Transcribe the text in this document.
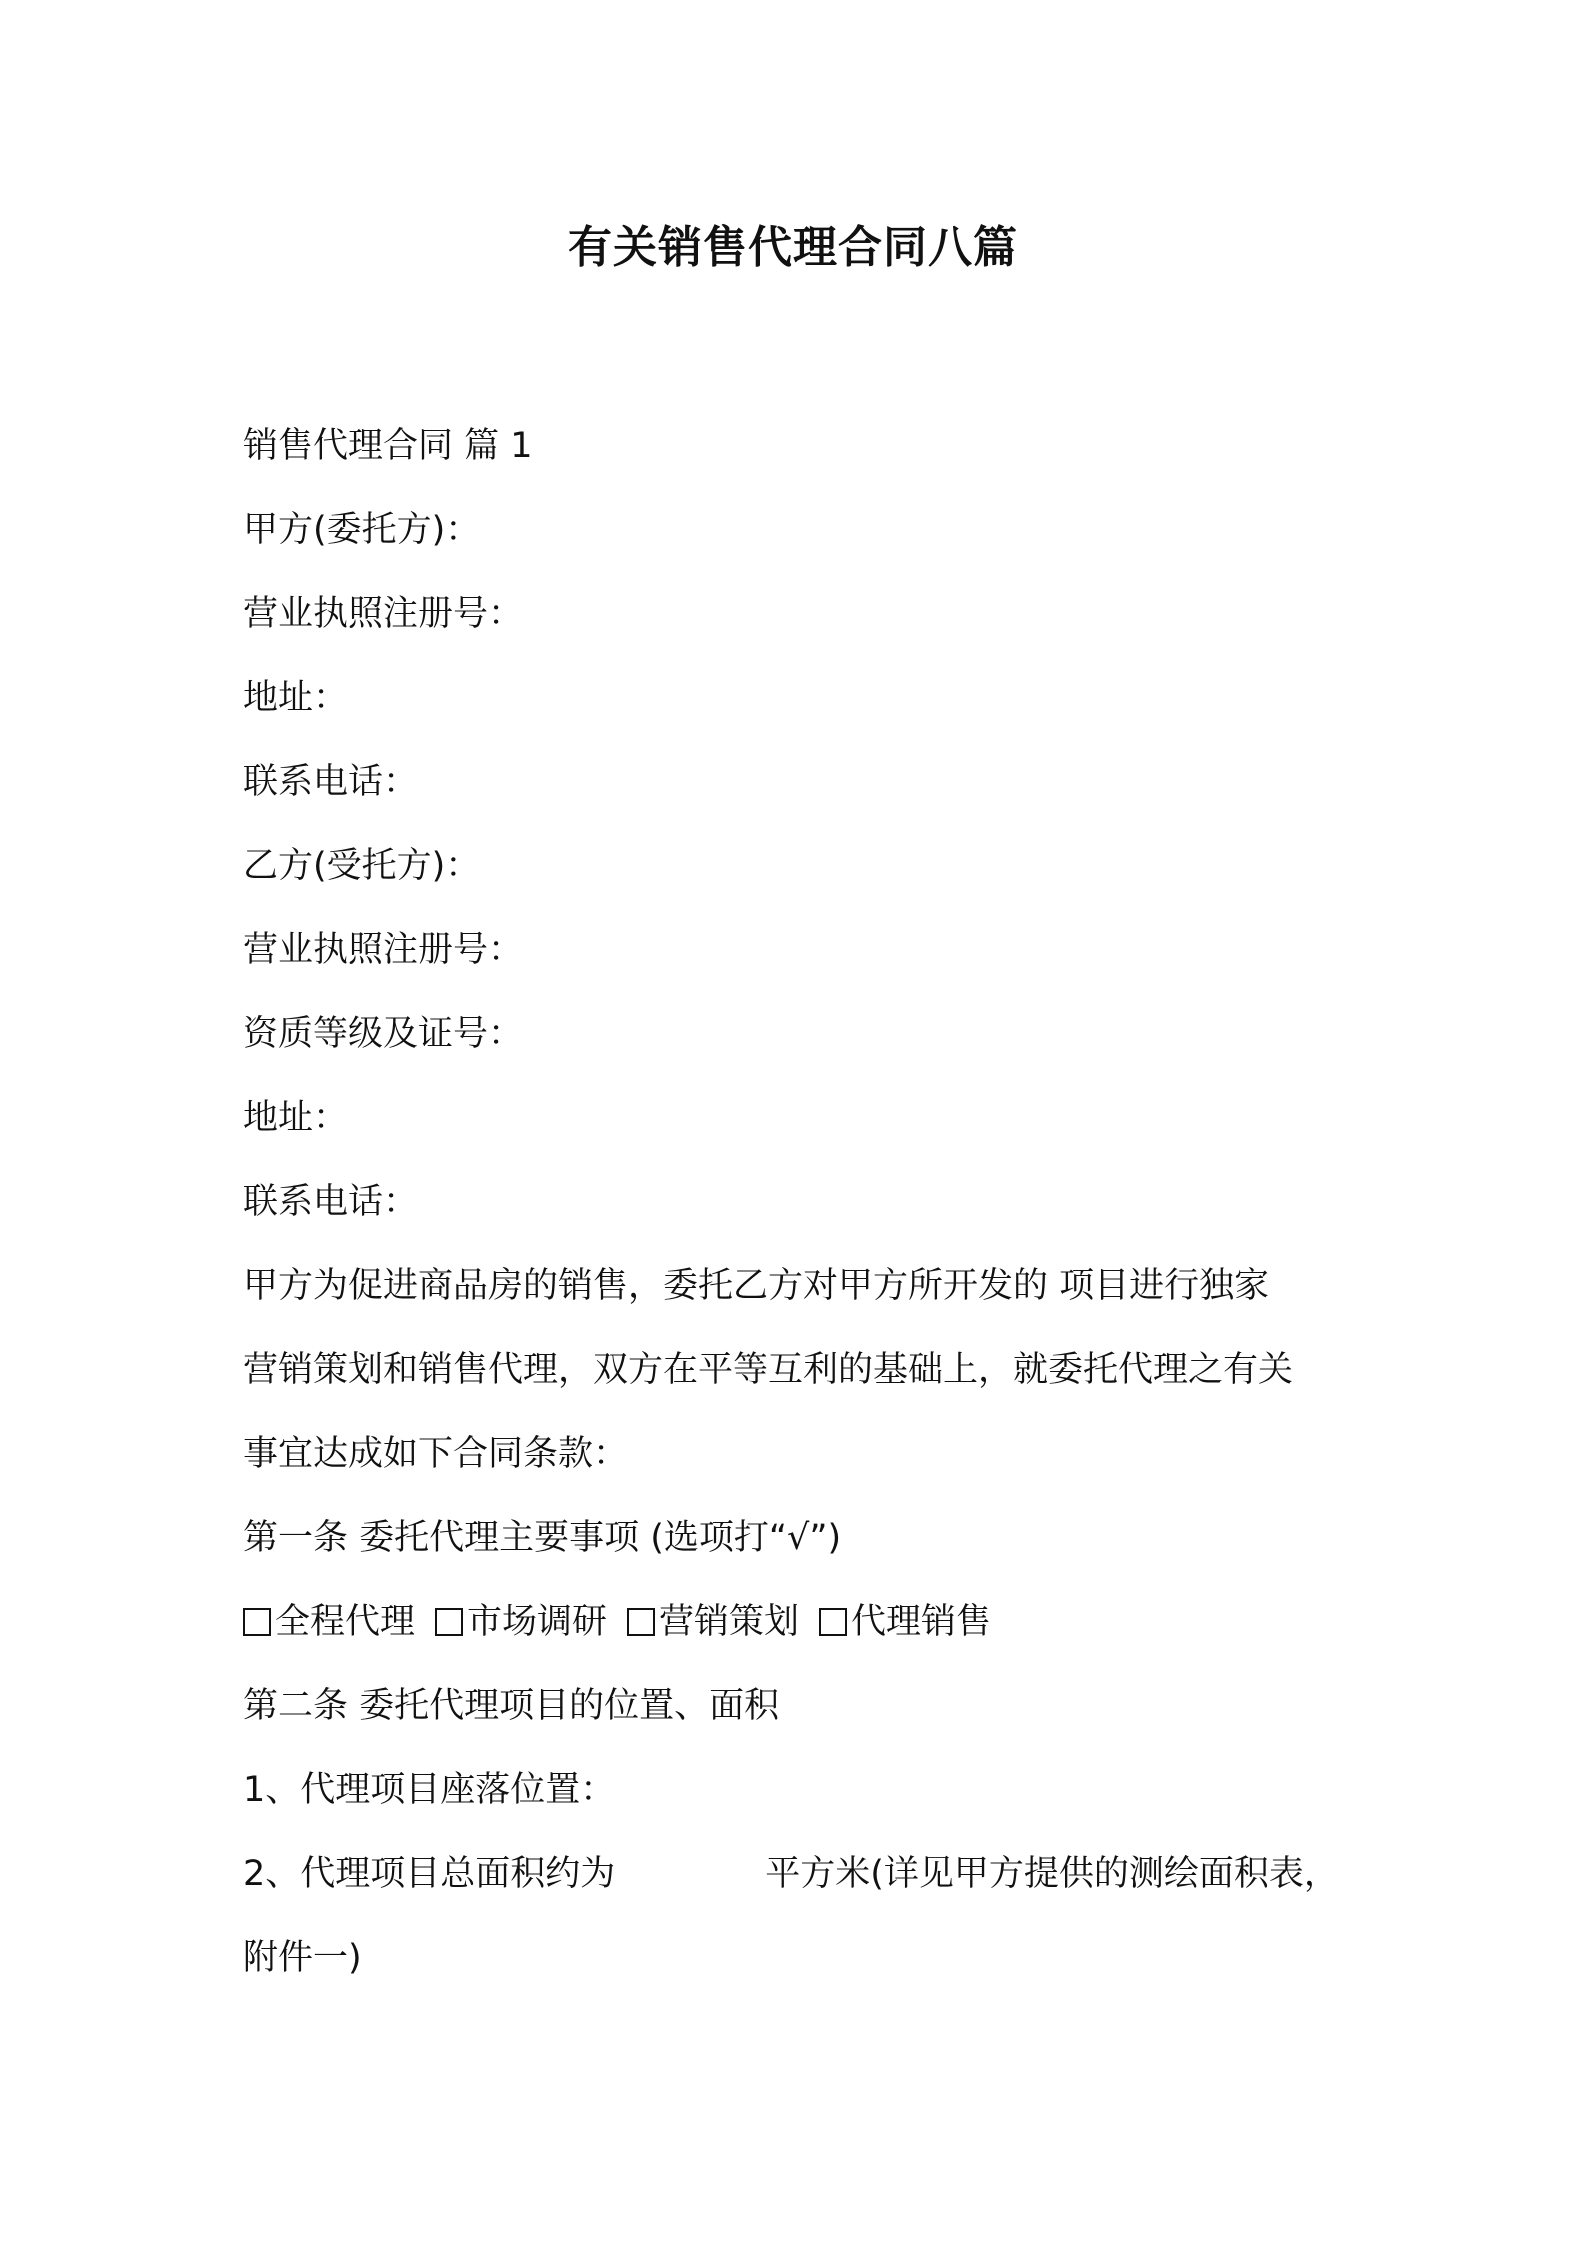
有关销售代理合同八篇
销售代理合同 篇 1
甲方(委托方)：
营业执照注册号：
地址：
联系电话：
乙方(受托方)：
营业执照注册号：
资质等级及证号：
地址：
联系电话：
甲方为促进商品房的销售，委托乙方对甲方所开发的 项目进行独家
营销策划和销售代理，双方在平等互利的基础上，就委托代理之有关
事宜达成如下合同条款：
第一条 委托代理主要事项 (选项打“√”)
全程代理 市场调研 营销策划 代理销售
第二条 委托代理项目的位置、面积
1、代理项目座落位置：
2、代理项目总面积约为	平方米(详见甲方提供的测绘面积表，
附件一)
